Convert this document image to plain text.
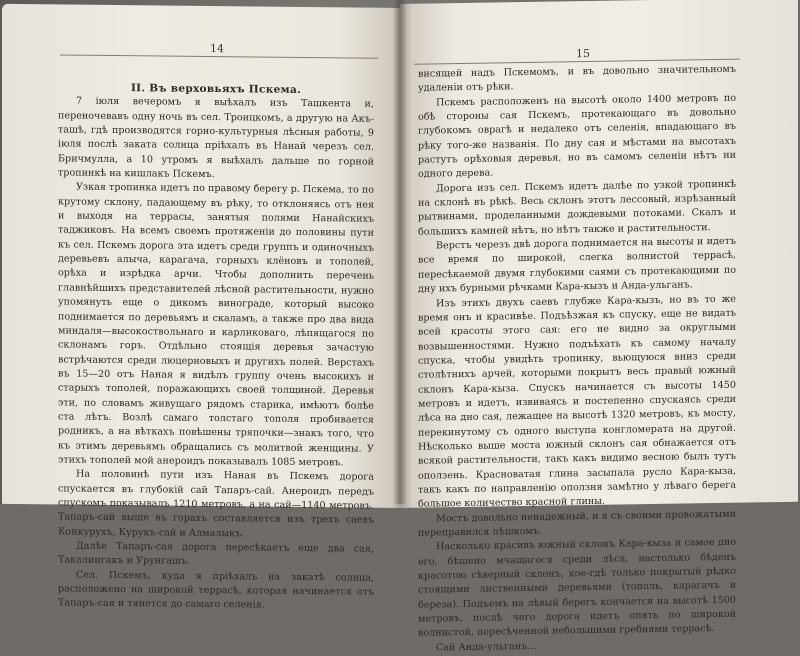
14

II. Въ верховьяхъ Пскема.

7 іюля вечеромъ я выѣхалъ изъ Ташкента и, переночевавъ одну ночь въ сел. Троицкомъ, а другую на Акъ-ташѣ, гдѣ производятся горно-культурныя лѣсныя работы, 9 іюля послѣ заката солнца пріѣхалъ въ Нанай черезъ сел. Бричмулла, а 10 утромъ я выѣхалъ дальше по горной тропинкѣ на кишлакъ Пскемъ.

Узкая тропинка идетъ по правому берегу р. Пскема, то по крутому склону, падающему въ рѣку, то отклоняясь отъ нея и выходя на террасы, занятыя полями Нанайскихъ таджиковъ. На всемъ своемъ протяженіи до половины пути къ сел. Пскемъ дорога эта идетъ среди группъ и одиночныхъ деревьевъ алыча, карагача, горныхъ клёновъ и тополей, орѣха и изрѣдка арчи. Чтобы дополнить перечень главнѣйшихъ представителей лѣсной растительности, нужно упомянуть еще о дикомъ винограде, который высоко поднимается по деревьямъ и скаламъ, а также про два вида миндаля—высокоствольнаго и карликоваго, лѣпящагося по склонамъ горъ. Отдѣльно стоящія деревья зачастую встрѣчаются среди люцерновыхъ и другихъ полей. Верстахъ въ 15—20 отъ Наная я видѣлъ группу очень высокихъ и старыхъ тополей, поражающихъ своей толщиной. Деревья эти, по словамъ живущаго рядомъ старика, имѣютъ болѣе ста лѣтъ. Возлѣ самаго толстаго тополя пробивается родникъ, а на вѣткахъ повѣшены тряпочки—знакъ того, что къ этимъ деревьямъ обращались съ молитвой женщины. У этихъ тополей мой анероидъ показывалъ 1085 метровъ.

На половинѣ пути изъ Наная въ Пскемъ дорога спускается въ глубокій сай Тапаръ-сай. Анероидъ передъ спускомъ показывалъ 1210 метровъ, а на сай—1140 метровъ. Тапаръ-сай выше въ горахъ составляется изъ трехъ саевъ Конкурухъ, Курукъ-сай и Алмалыкъ.

Далѣе Тапаръ-сая дорога пересѣкаетъ еще два сая, Такалингакъ и Урунгашъ.

Сел. Пскемъ, куда я пріѣхалъ на закатѣ солнца, расположено на широкой террасѣ, которая начинается отъ Тапаръ-сая и тянется до самаго селенія.

15

висящей надъ Пскемомъ, и въ довольно значительномъ удаленіи отъ рѣки.

Пскемъ расположенъ на высотѣ около 1400 метровъ по обѣ стороны сая Пскемъ, протекающаго въ довольно глубокомъ оврагѣ и недалеко отъ селенія, впадающаго въ рѣку того-же названія. По дну сая и мѣстами на высотахъ растутъ орѣховыя деревья, но въ самомъ селеніи нѣтъ ни одного дерева.

Дорога изъ сел. Пскемъ идетъ далѣе по узкой тропинкѣ на склонѣ въ рѣкѣ. Весь склонъ этотъ лессовый, изрѣзанный рытвинами, проделанными дождевыми потоками. Скалъ и большихъ камней нѣтъ, но нѣтъ также и растительности.

Верстъ черезъ двѣ дорога поднимается на высоты и идетъ все время по широкой, слегка волнистой террасѣ, пересѣкаемой двумя глубокими саями съ протекающими по дну ихъ бурными рѣчками Кара-кызъ и Анда-ульганъ.

Изъ этихъ двухъ саевъ глубже Кара-кызъ, но въ то же время онъ и красивѣе. Подъѣзжая къ спуску, еще не видать всей красоты этого сая: его не видно за округлыми возвышенностями. Нужно подъѣхать къ самому началу спуска, чтобы увидѣть тропинку, вьющуюся вниз среди столѣтнихъ арчей, которыми покрытъ весь правый южный склонъ Кара-кыза. Спускъ начинается съ высоты 1450 метровъ и идетъ, извиваясь и постепенно спускаясь среди лѣса на дно сая, лежащее на высотѣ 1320 метровъ, къ мосту, перекинутому съ одного выступа конгломерата на другой. Нѣсколько выше моста южный склонъ сая обнажается отъ всякой растительности, такъ какъ видимо весною былъ тутъ оползень. Красноватая глина засыпала русло Кара-кыза, такъ какъ по направленію оползня замѣтно у лѣваго берега большое количество красной глины.

Мостъ довольно ненадежный, и я съ своими провожатыми переправился пѣшкомъ.

Насколько красивъ южный склонъ Кара-кыза и самое дно его, бѣшено мчащагося среди лѣса, настолько бѣденъ красотою сѣверный склонъ, кое-гдѣ только покрытый рѣдко стоящими лиственными деревьями (тополь, карагачъ и береза). Подъемъ на лѣвый берегъ кончается на высотѣ 1500 метровъ, послѣ чего дорога идетъ опять по широкой волнистой, пересѣченной небольшими гребнями террасѣ.

Сай Анда-ульганъ...
